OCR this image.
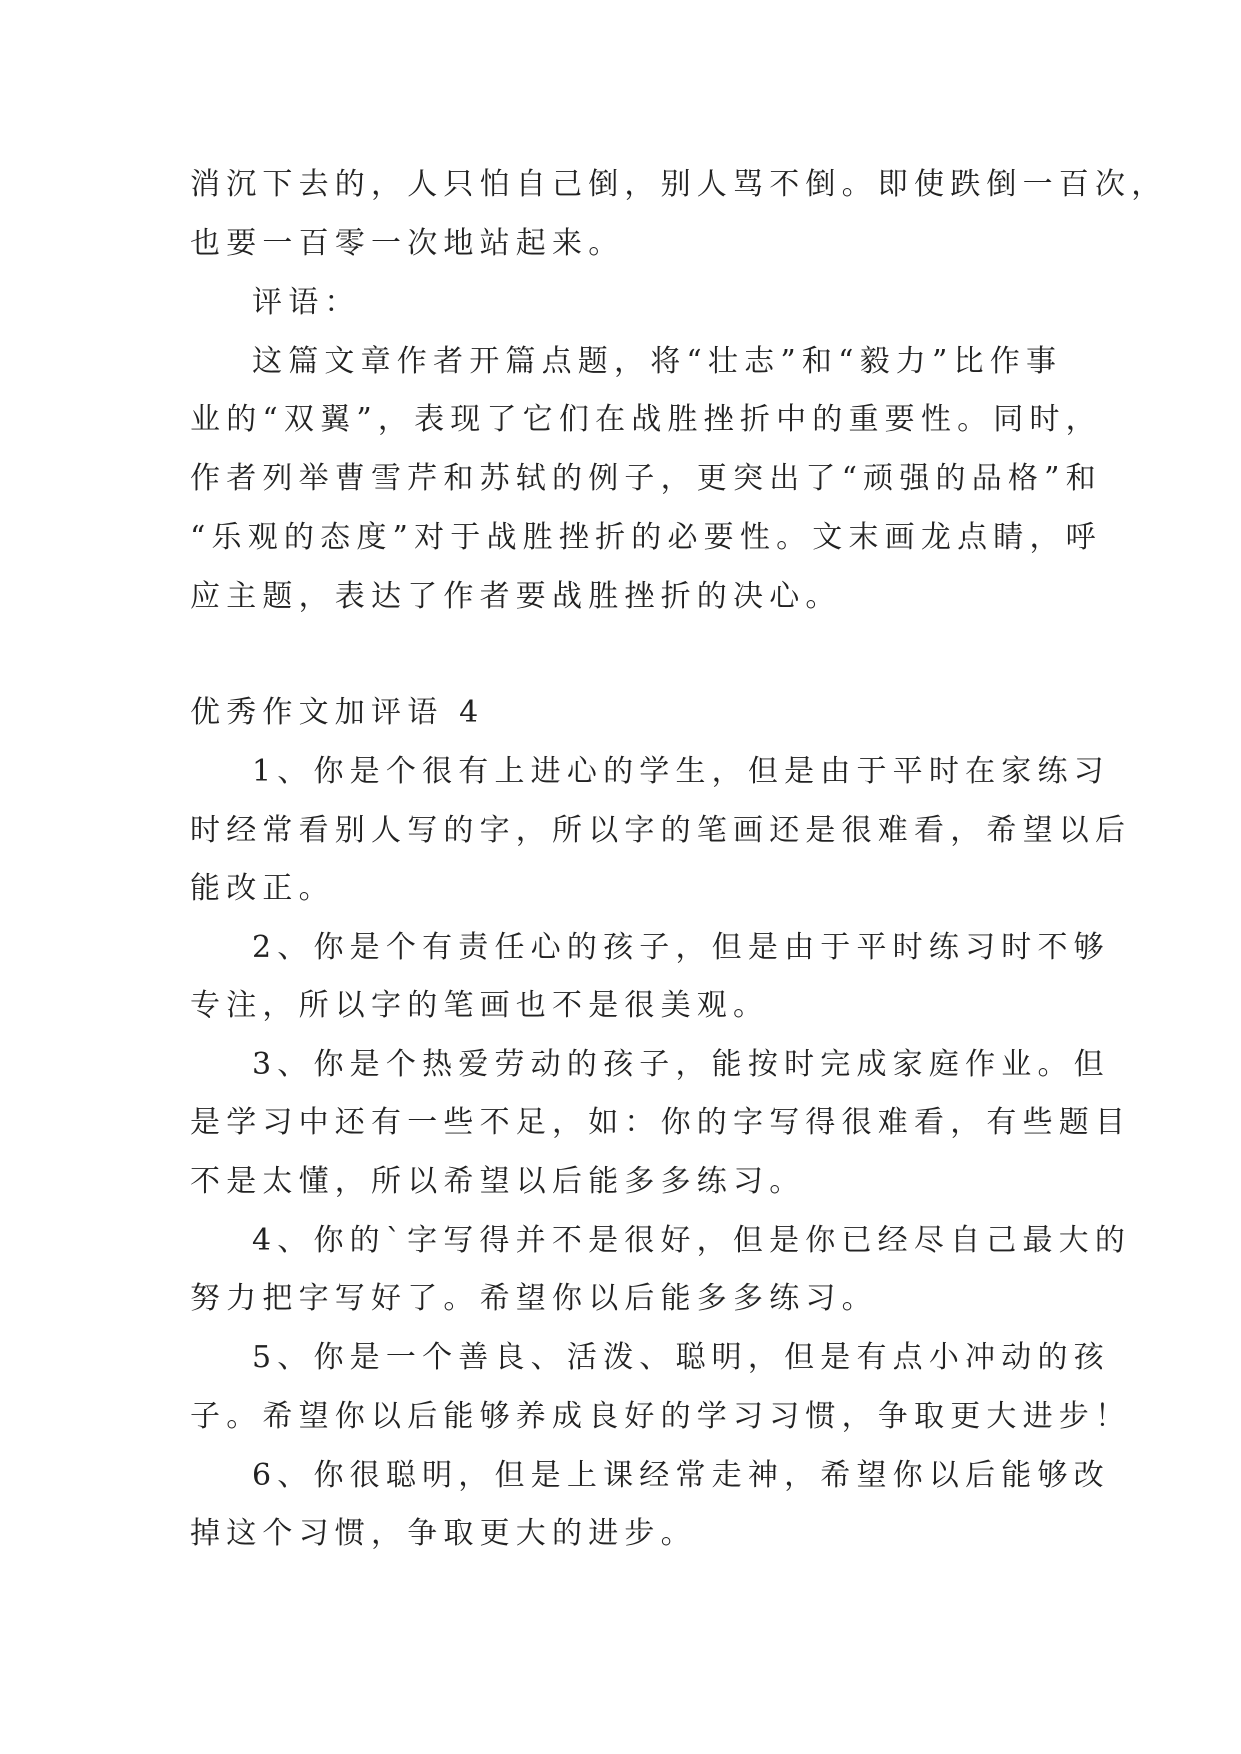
消沉下去的，人只怕自己倒，别人骂不倒。即使跌倒一百次，
也要一百零一次地站起来。
评语：
这篇文章作者开篇点题，将“壮志”和“毅力”比作事
业的“双翼”，表现了它们在战胜挫折中的重要性。同时，
作者列举曹雪芹和苏轼的例子，更突出了“顽强的品格”和
“乐观的态度”对于战胜挫折的必要性。文末画龙点睛，呼
应主题，表达了作者要战胜挫折的决心。
优秀作文加评语 4
1、你是个很有上进心的学生，但是由于平时在家练习
时经常看别人写的字，所以字的笔画还是很难看，希望以后
能改正。
2、你是个有责任心的孩子，但是由于平时练习时不够
专注，所以字的笔画也不是很美观。
3、你是个热爱劳动的孩子，能按时完成家庭作业。但
是学习中还有一些不足，如：你的字写得很难看，有些题目
不是太懂，所以希望以后能多多练习。
4、你的`字写得并不是很好，但是你已经尽自己最大的
努力把字写好了。希望你以后能多多练习。
5、你是一个善良、活泼、聪明，但是有点小冲动的孩
子。希望你以后能够养成良好的学习习惯，争取更大进步！
6、你很聪明，但是上课经常走神，希望你以后能够改
掉这个习惯，争取更大的进步。
